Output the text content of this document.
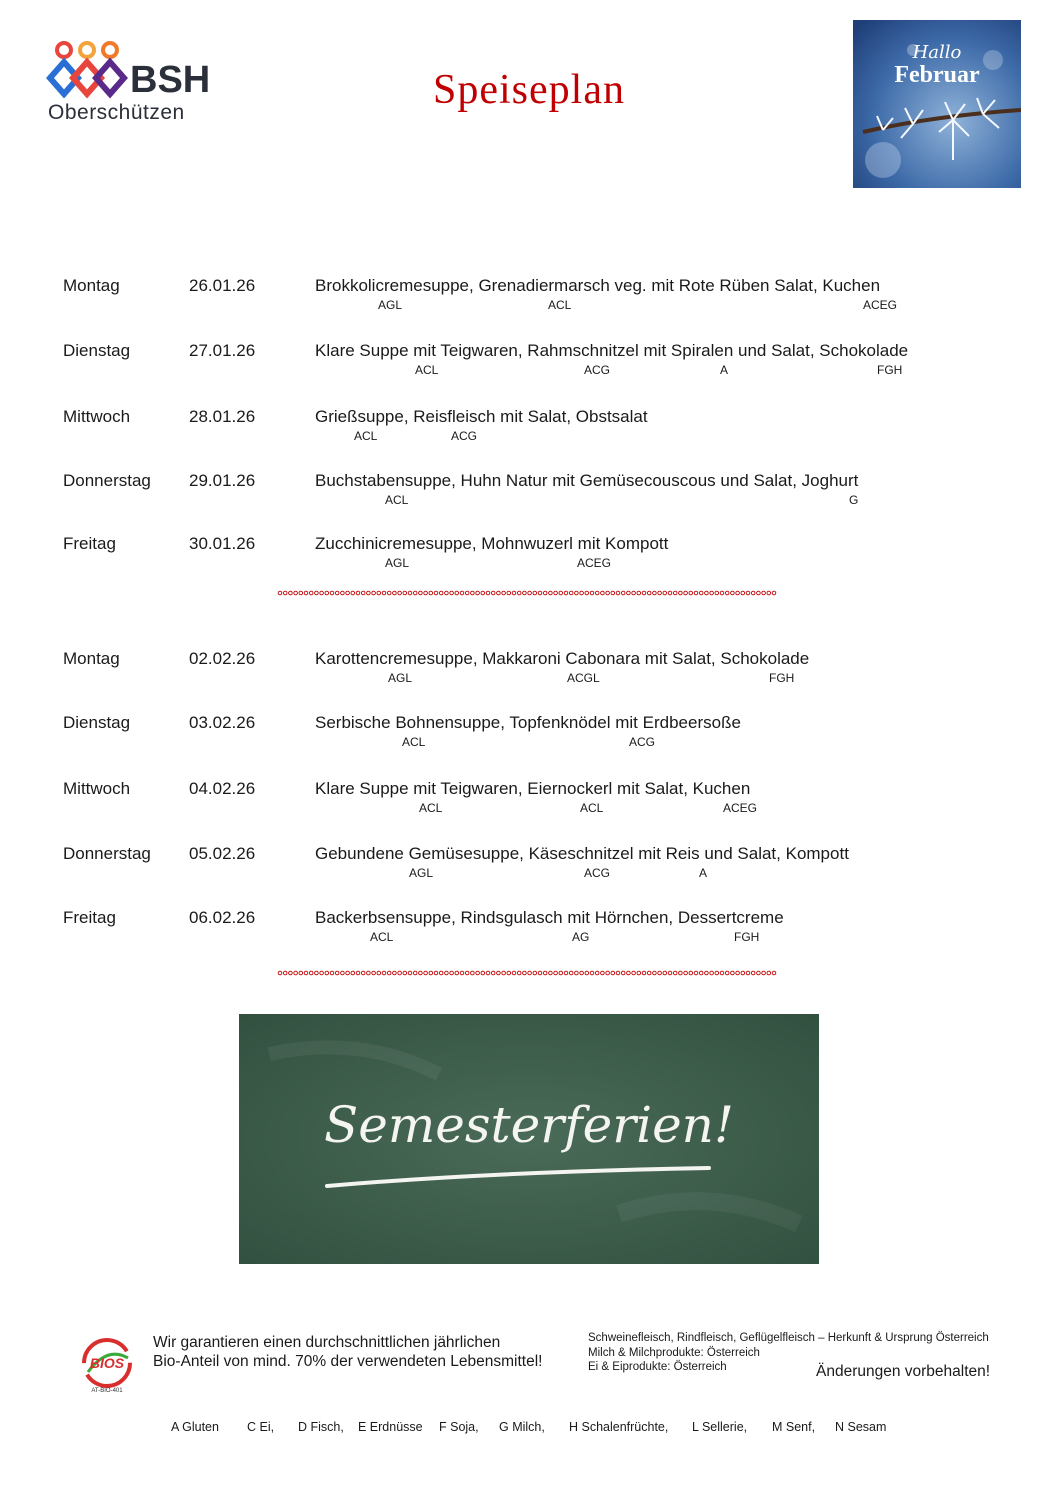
BSH
Oberschützen	Speiseplan
Hallo
Februar
Montag	26.01.26	Brokkolicremesuppe, Grenadiermarsch veg. mit Rote Rüben Salat, Kuchen
AGL	ACL	ACEG
Dienstag	27.01.26	Klare Suppe mit Teigwaren, Rahmschnitzel mit Spiralen und Salat, Schokolade
ACL	ACG	A	FGH
Mittwoch	28.01.26	Grießsuppe, Reisfleisch mit Salat, Obstsalat
ACL	ACG
Donnerstag 29.01.26	Buchstabensuppe, Huhn Natur mit Gemüsecouscous und Salat, Joghurt
ACL	G
Freitag	30.01.26	Zucchinicremesuppe, Mohnwuzerl mit Kompott
AGL	ACEG
Montag	02.02.26	Karottencremesuppe, Makkaroni Cabonara mit Salat, Schokolade
AGL	ACGL	FGH
Dienstag	03.02.26	Serbische Bohnensuppe, Topfenknödel mit Erdbeersoße
ACL	ACG
Mittwoch	04.02.26	Klare Suppe mit Teigwaren, Eiernockerl mit Salat, Kuchen
ACL	ACL	ACEG
Donnerstag 05.02.26	Gebundene Gemüsesuppe, Käseschnitzel mit Reis und Salat, Kompott
AGL	ACG	A
Freitag	06.02.26	Backerbsensuppe, Rindsgulasch mit Hörnchen, Dessertcreme
ACL	AG	FGH
Semesterferien!
BIOS
AT-BIO-401
Wir garantieren einen durchschnittlichen jährlichen
Bio-Anteil von mind. 70% der verwendeten Lebensmittel!
Schweinefleisch, Rindfleisch, Geflügelfleisch – Herkunft & Ursprung Österreich
Milch & Milchprodukte: Österreich
Ei & Eiprodukte: Österreich	Änderungen vorbehalten!
A Gluten C Ei, D Fisch, E Erdnüsse F Soja, G Milch, H Schalenfrüchte, L Sellerie, M Senf, N Sesam
